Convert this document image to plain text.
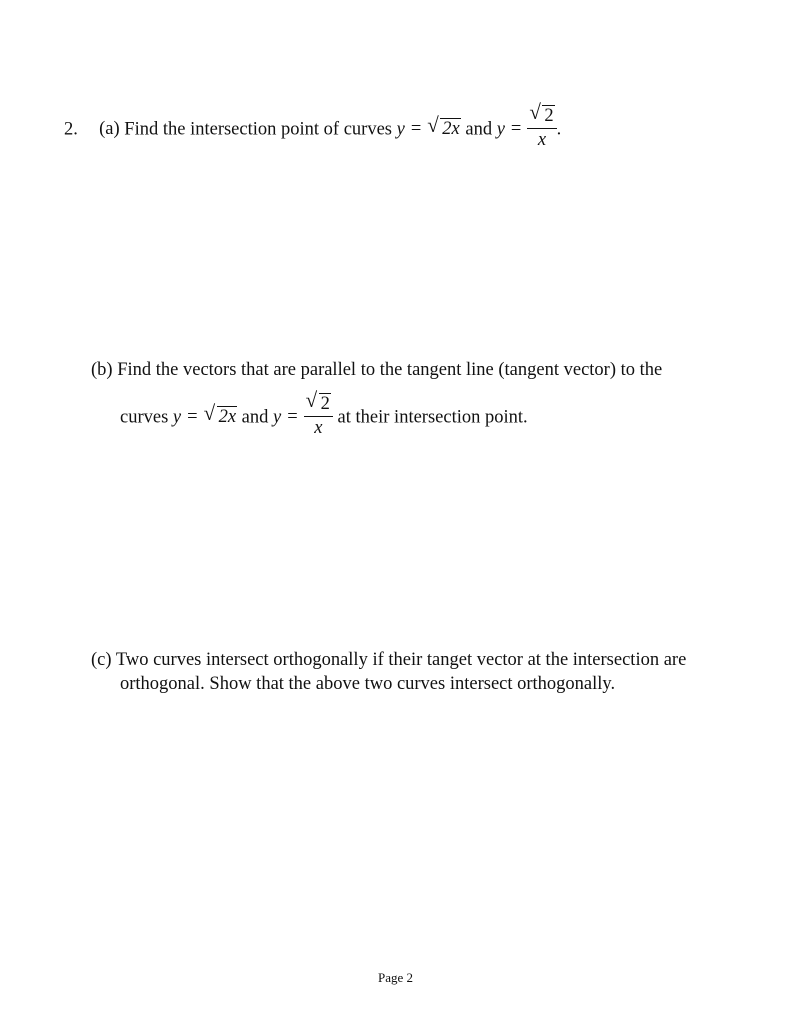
2. (a) Find the intersection point of curves y = √ 2x and $y = \frac{√ 2}{x}$ .
(b) Find the vectors that are parallel to the tangent line (tangent vector) to the
curves y = √ 2x and $y = \frac{√ 2}{x}$ at their intersection point.
(c) Two curves intersect orthogonally if their tanget vector at the intersection are
orthogonal. Show that the above two curves intersect orthogonally.
Page 2
